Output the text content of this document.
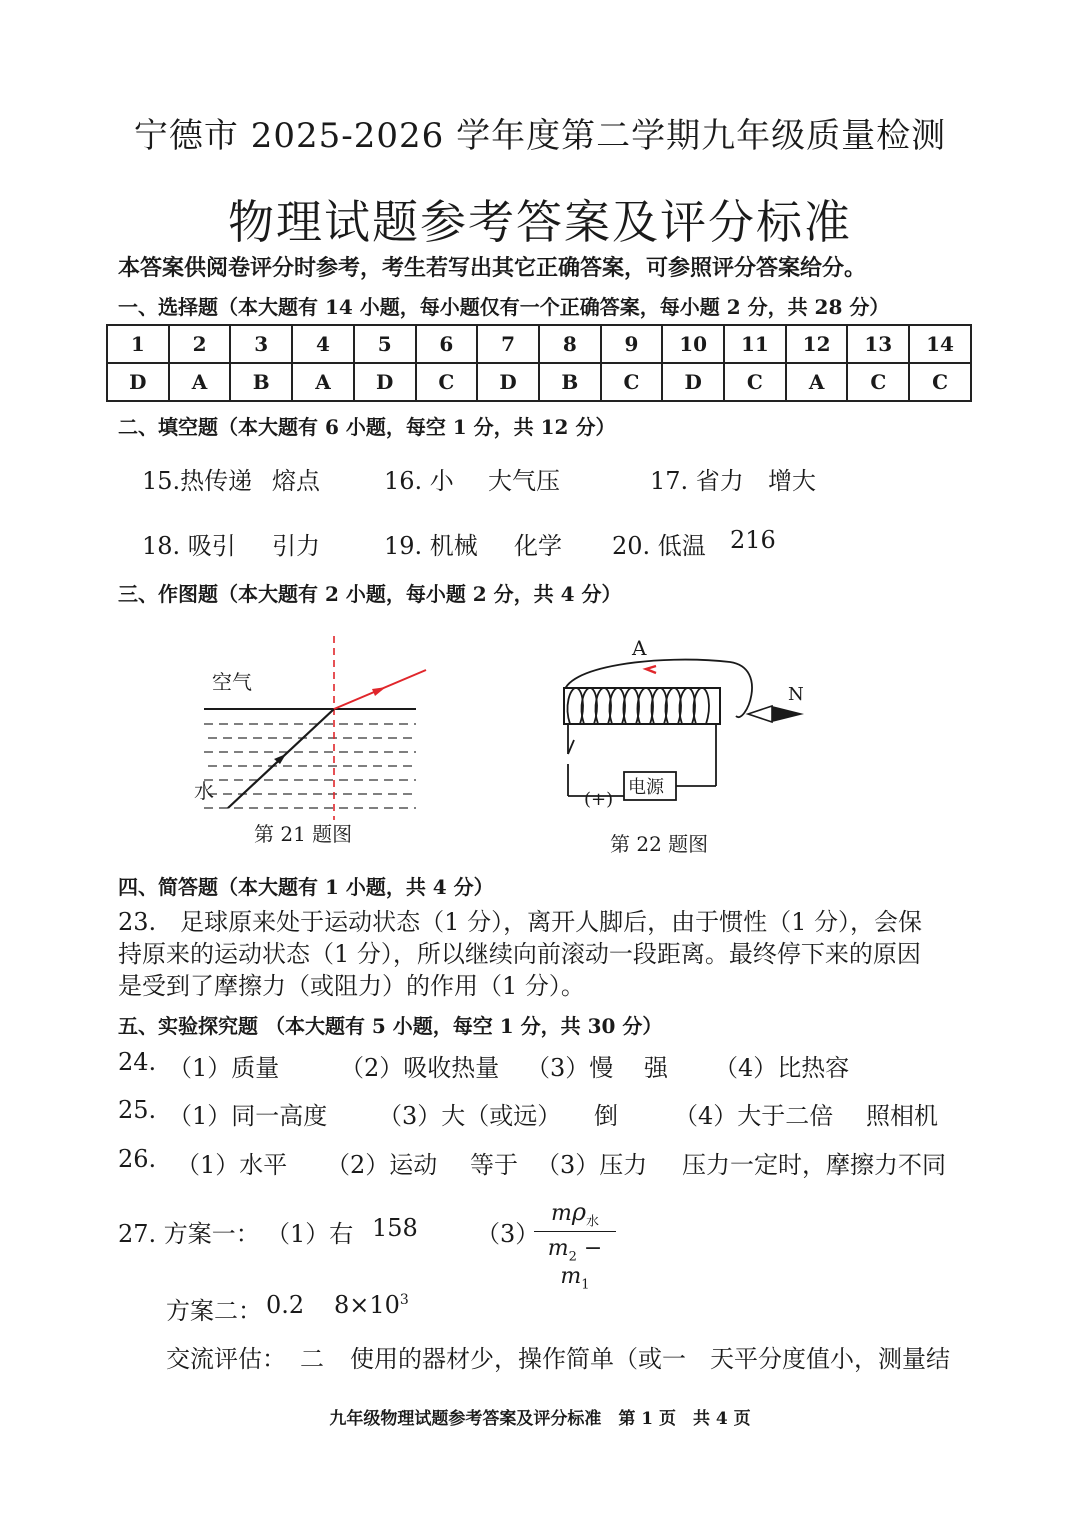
宁德市 2025-2026 学年度第二学期九年级质量检测
物理试题参考答案及评分标准
本答案供阅卷评分时参考，考生若写出其它正确答案，可参照评分答案给分。
一、选择题（本大题有 14 小题，每小题仅有一个正确答案，每小题 2 分，共 28 分）
1	2	3	4	5	6	7	8	9	10	11	12	13	14
D	A	B	A	D	C	D	B	C	D	C	A	C	C
二、填空题（本大题有 6 小题，每空 1 分，共 12 分）
15.热传递 熔点	16. 小 大气压	17. 省力 增大
18. 吸引 引力	19. 机械 化学 20. 低温 216
三、作图题（本大题有 2 小题，每小题 2 分，共 4 分）
空气
水
第 21 题图
A
N
电源
(+)
第 22 题图
四、简答题（本大题有 1 小题，共 4 分）
23.　足球原来处于运动状态（1 分），离开人脚后，由于惯性（1 分），会保
持原来的运动状态（1 分），所以继续向前滚动一段距离。最终停下来的原因
是受到了摩擦力（或阻力）的作用（1 分）。
五、实验探究题 （本大题有 5 小题，每空 1 分，共 30 分）
24. （1）质量	（2）吸收热量 （3）慢 强 （4）比热容
25. （1）同一高度 （3）大（或远） 倒 （4）大于二倍 照相机
26. （1）水平 （2）运动 等于 （3）压力 压力一定时，摩擦力不同
27. 方案一： （1）右 158 （3）
$m\rho_水$
$m_2 - m_1$
方案二： 0.2 $8\times 10^3$
交流评估： 二 使用的器材少，操作简单（或一　天平分度值小，测量结
九年级物理试题参考答案及评分标准　第 1 页　共 4 页
